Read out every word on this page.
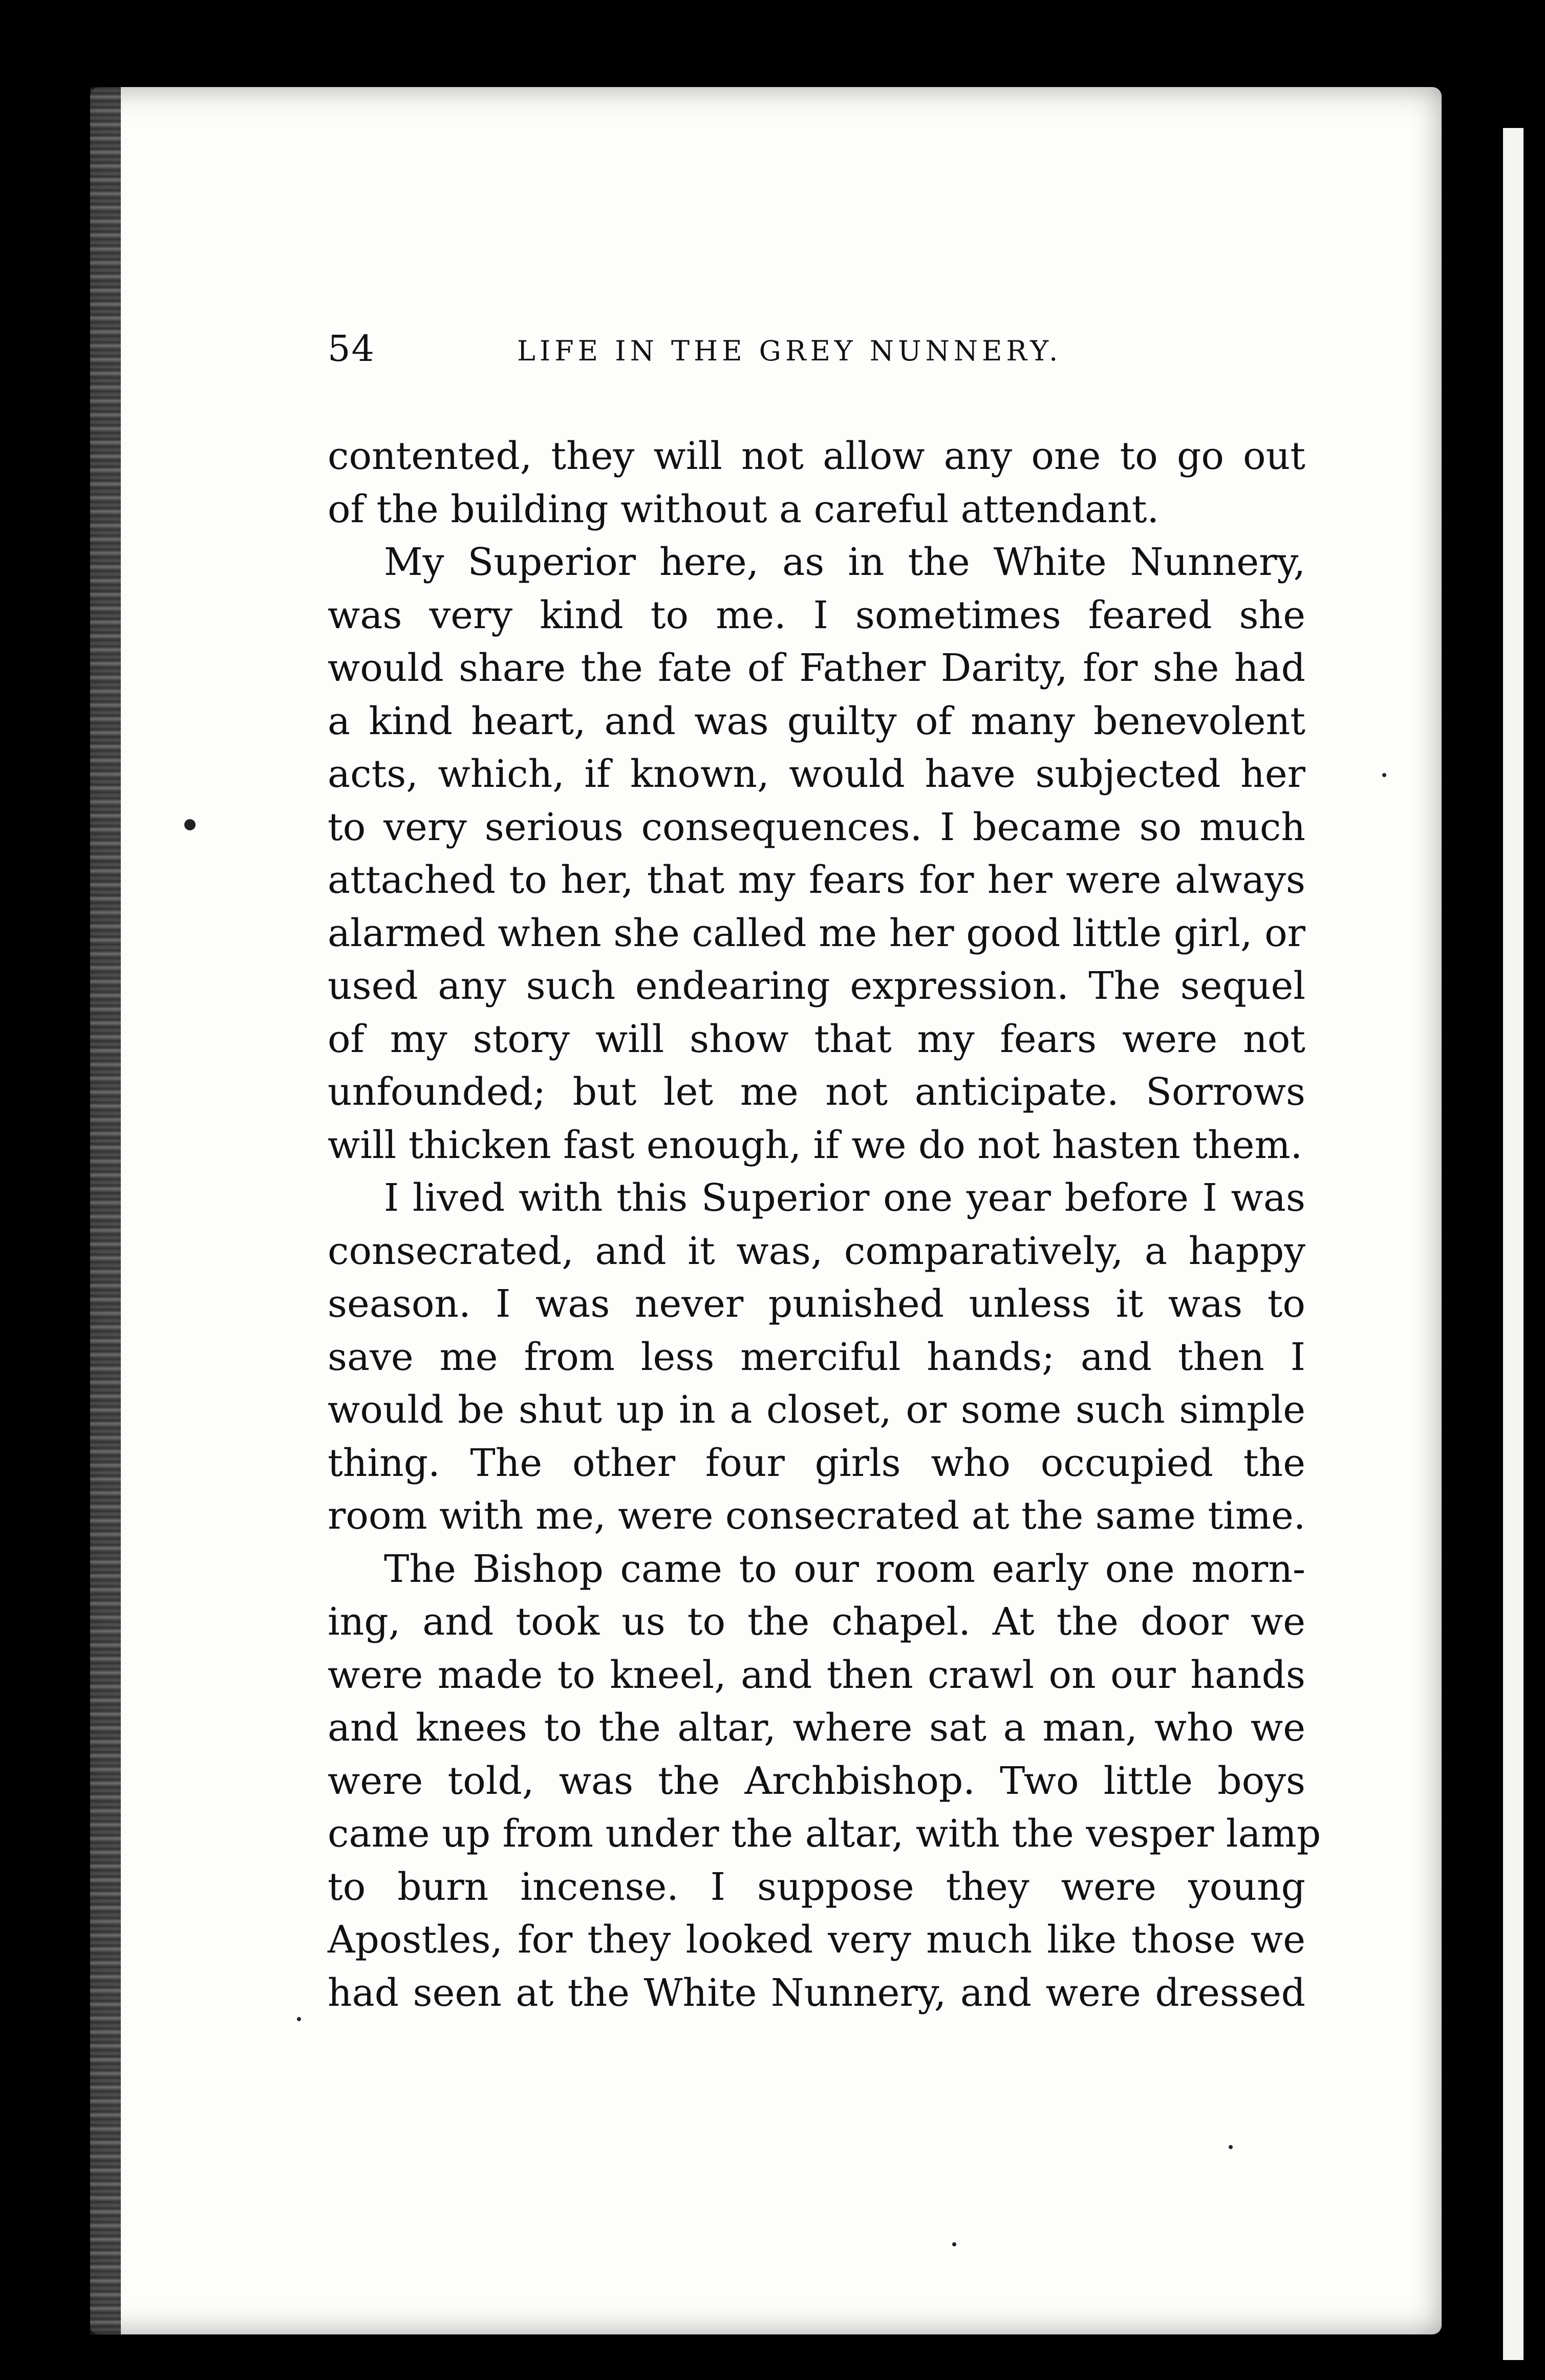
54	LIFE IN THE GREY NUNNERY.
contented, they will not allow any one to go out
of the building without a careful attendant.
My Superior here, as in the White Nunnery,
was very kind to me. I sometimes feared she
would share the fate of Father Darity, for she had
a kind heart, and was guilty of many benevolent
acts, which, if known, would have subjected her
to very serious consequences. I became so much
attached to her, that my fears for her were always
alarmed when she called me her good little girl, or
used any such endearing expression. The sequel
of my story will show that my fears were not
unfounded; but let me not anticipate. Sorrows
will thicken fast enough, if we do not hasten them.
I lived with this Superior one year before I was
consecrated, and it was, comparatively, a happy
season. I was never punished unless it was to
save me from less merciful hands; and then I
would be shut up in a closet, or some such simple
thing. The other four girls who occupied the
room with me, were consecrated at the same time.
The Bishop came to our room early one morn-
ing, and took us to the chapel. At the door we
were made to kneel, and then crawl on our hands
and knees to the altar, where sat a man, who we
were told, was the Archbishop. Two little boys
came up from under the altar, with the vesper lamp
to burn incense. I suppose they were young
Apostles, for they looked very much like those we
had seen at the White Nunnery, and were dressed
